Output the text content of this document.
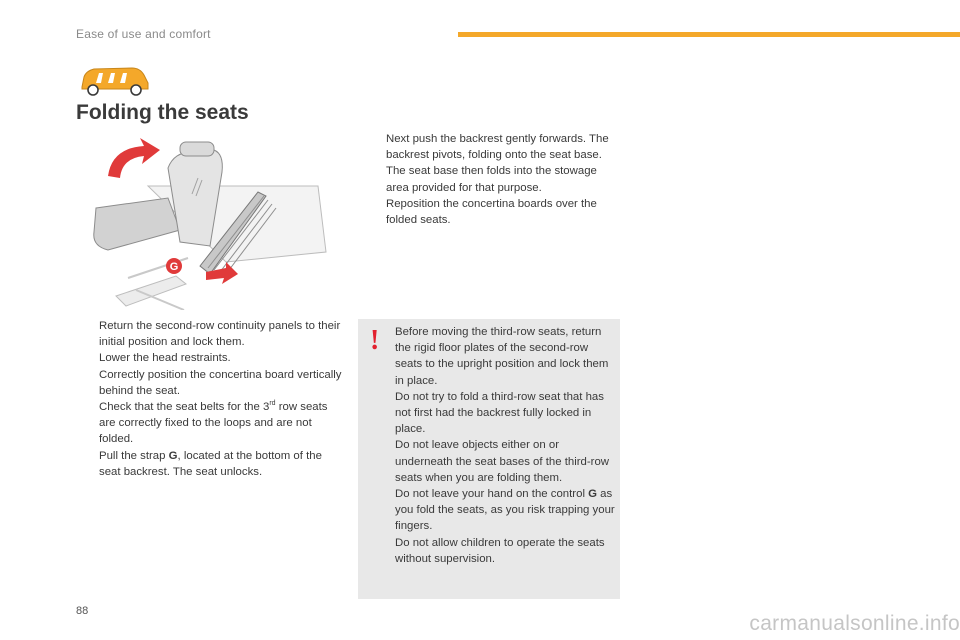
Ease of use and comfort
Folding the seats
G
Next push the backrest gently forwards. The backrest pivots, folding onto the seat base. The seat base then folds into the stowage area provided for that purpose.
Reposition the concertina boards over the folded seats.
Return the second-row continuity panels to their initial position and lock them.
Lower the head restraints.
Correctly position the concertina board vertically behind the seat.
Check that the seat belts for the 3rd row seats are correctly fixed to the loops and are not folded.
Pull the strap G, located at the bottom of the seat backrest. The seat unlocks.
! Before moving the third-row seats, return the rigid floor plates of the second-row seats to the upright position and lock them in place.
Do not try to fold a third-row seat that has not first had the backrest fully locked in place.
Do not leave objects either on or underneath the seat bases of the third-row seats when you are folding them.
Do not leave your hand on the control G as you fold the seats, as you risk trapping your fingers.
Do not allow children to operate the seats without supervision.
88
carmanualsonline.info
